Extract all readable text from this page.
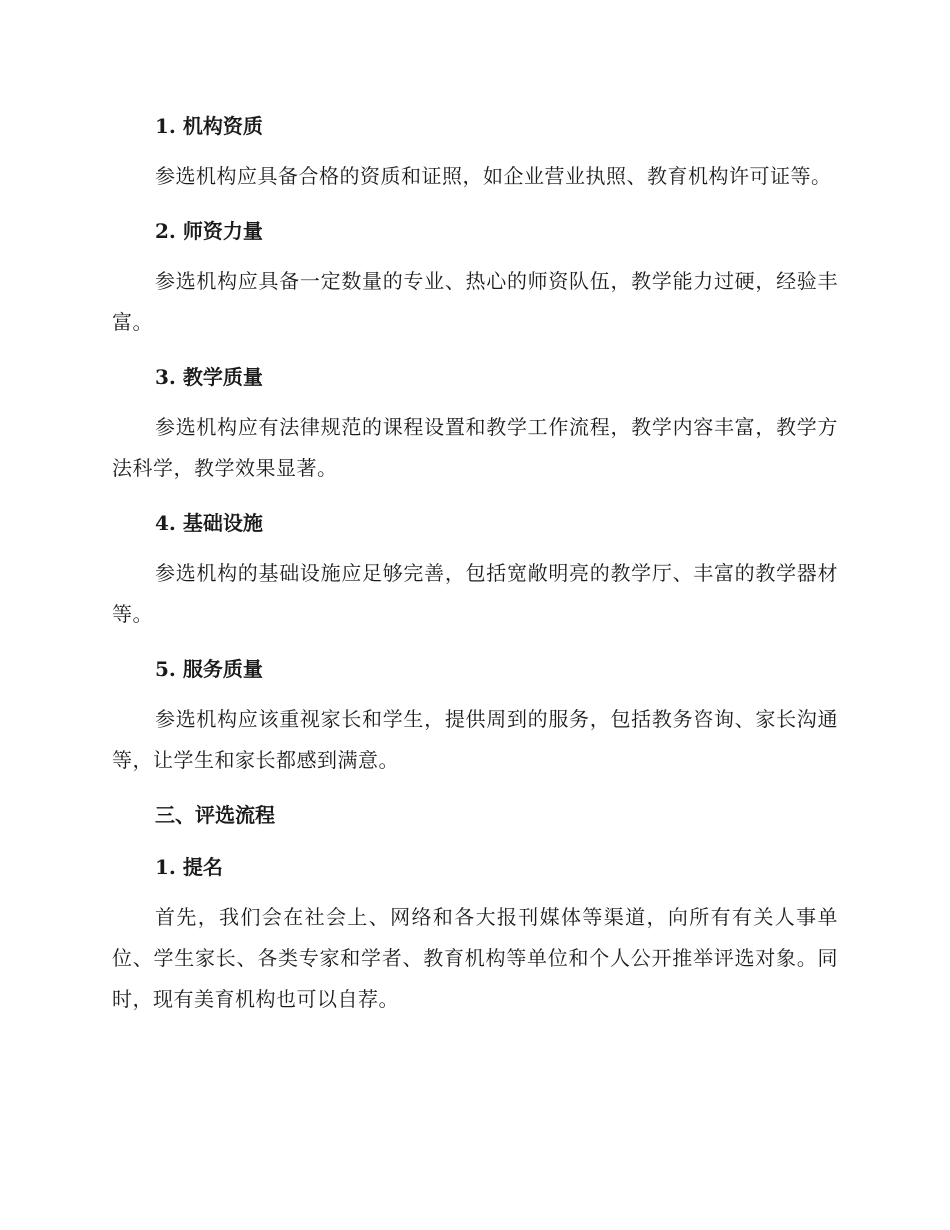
1. 机构资质

参选机构应具备合格的资质和证照，如企业营业执照、教育机构许可证等。

2. 师资力量

参选机构应具备一定数量的专业、热心的师资队伍，教学能力过硬，经验丰富。

3. 教学质量

参选机构应有法律规范的课程设置和教学工作流程，教学内容丰富，教学方法科学，教学效果显著。

4. 基础设施

参选机构的基础设施应足够完善，包括宽敞明亮的教学厅、丰富的教学器材等。

5. 服务质量

参选机构应该重视家长和学生，提供周到的服务，包括教务咨询、家长沟通等，让学生和家长都感到满意。

三、评选流程
1. 提名

首先，我们会在社会上、网络和各大报刊媒体等渠道，向所有有关人事单位、学生家长、各类专家和学者、教育机构等单位和个人公开推举评选对象。同时，现有美育机构也可以自荐。
